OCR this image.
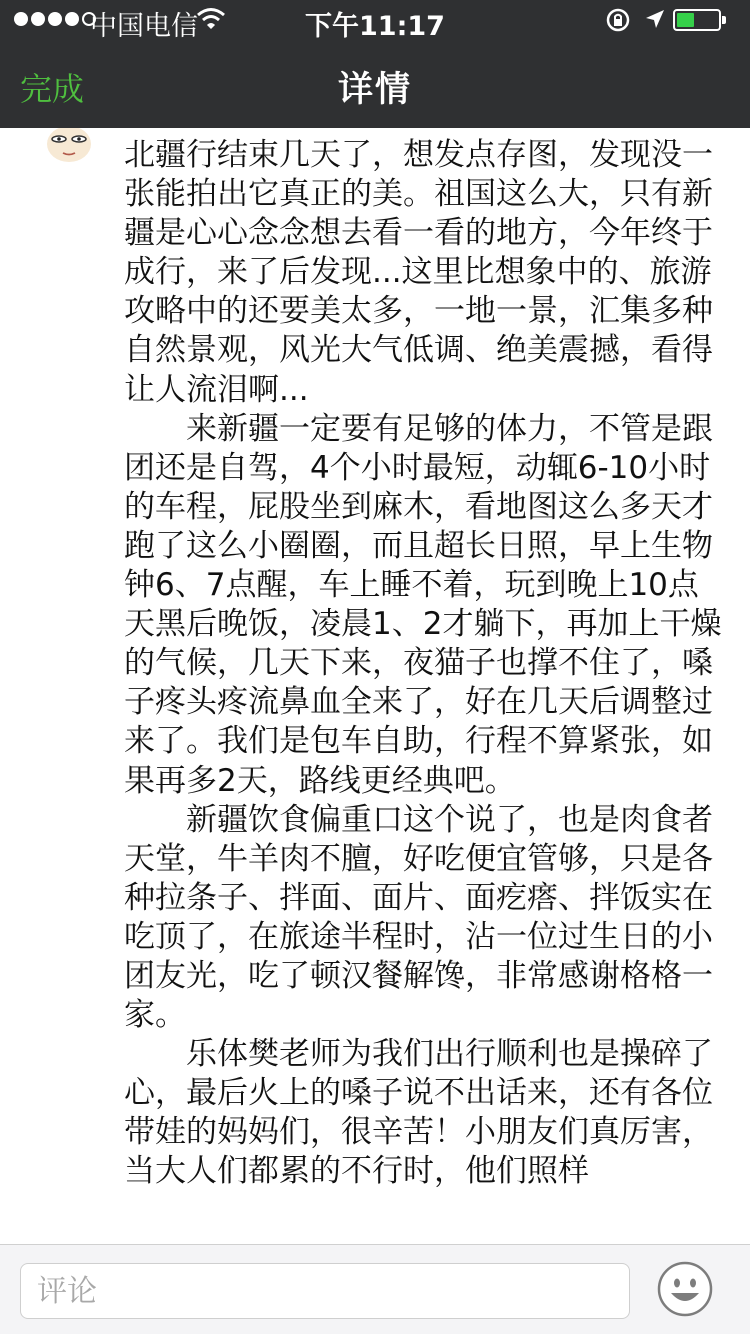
中国电信	下午11:17
完成	详情

北疆行结束几天了，想发点存图，发现没一张能拍出它真正的美。祖国这么大，只有新疆是心心念念想去看一看的地方，今年终于成行，来了后发现...这里比想象中的、旅游攻略中的还要美太多，一地一景，汇集多种自然景观，风光大气低调、绝美震撼，看得让人流泪啊...

来新疆一定要有足够的体力，不管是跟团还是自驾，4个小时最短，动辄6-10小时的车程，屁股坐到麻木，看地图这么多天才跑了这么小圈圈，而且超长日照，早上生物钟6、7点醒，车上睡不着，玩到晚上10点天黑后晚饭，凌晨1、2才躺下，再加上干燥的气候，几天下来，夜猫子也撑不住了，嗓子疼头疼流鼻血全来了，好在几天后调整过来了。我们是包车自助，行程不算紧张，如果再多2天，路线更经典吧。

新疆饮食偏重口这个说了，也是肉食者天堂，牛羊肉不膻，好吃便宜管够，只是各种拉条子、拌面、面片、面疙瘩、拌饭实在吃顶了，在旅途半程时，沾一位过生日的小团友光，吃了顿汉餐解馋，非常感谢格格一家。

乐体樊老师为我们出行顺利也是操碎了心，最后火上的嗓子说不出话来，还有各位带娃的妈妈们，很辛苦！小朋友们真厉害，当大人们都累的不行时，他们照样

评论
